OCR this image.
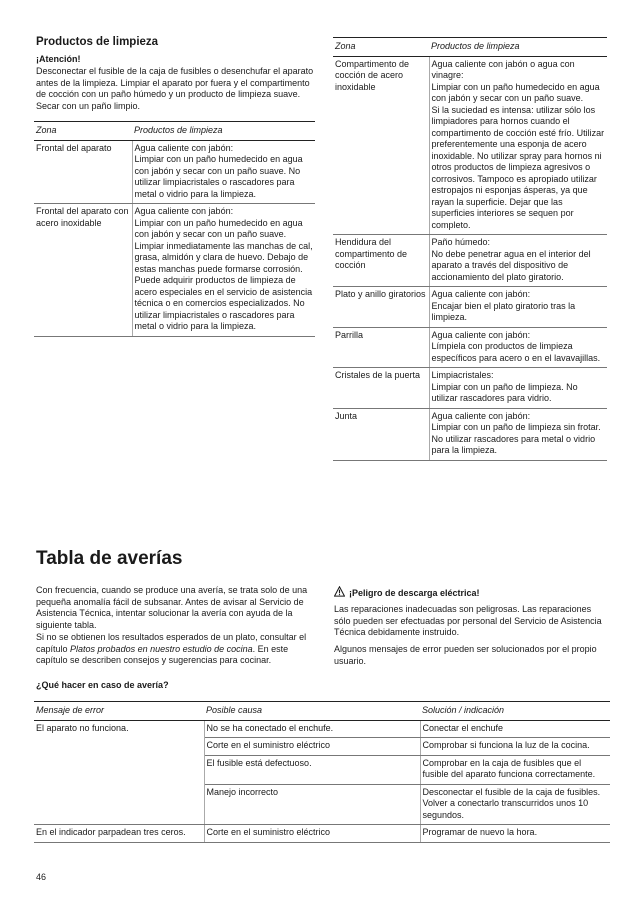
Productos de limpieza
¡Atención!
Desconectar el fusible de la caja de fusibles o desenchufar el aparato antes de la limpieza. Limpiar el aparato por fuera y el compartimento de cocción con un paño húmedo y un producto de limpieza suave. Secar con un paño limpio.
Zona	Productos de limpieza
Frontal del aparato	Agua caliente con jabón:
Limpiar con un paño humedecido en agua con jabón y secar con un paño suave. No utilizar limpiacristales o rascadores para metal o vidrio para la limpieza.
Frontal del aparato con acero inoxidable	Agua caliente con jabón:
Limpiar con un paño humedecido en agua con jabón y secar con un paño suave. Limpiar inmediatamente las manchas de cal, grasa, almidón y clara de huevo. Debajo de estas manchas puede formarse corrosión. Puede adquirir productos de limpieza de acero especiales en el servicio de asistencia técnica o en comercios especializados. No utilizar limpiacristales o rascadores para metal o vidrio para la limpieza.
Zona	Productos de limpieza
Compartimento de cocción de acero inoxidable	Agua caliente con jabón o agua con vinagre:
Limpiar con un paño humedecido en agua con jabón y secar con un paño suave.
Si la suciedad es intensa: utilizar sólo los limpiadores para hornos cuando el compartimento de cocción esté frío. Utilizar preferentemente una esponja de acero inoxidable. No utilizar spray para hornos ni otros productos de limpieza agresivos o corrosivos. Tampoco es apropiado utilizar estropajos ni esponjas ásperas, ya que rayan la superficie. Dejar que las superficies interiores se sequen por completo.
Hendidura del compartimento de cocción	Paño húmedo:
No debe penetrar agua en el interior del aparato a través del dispositivo de accionamiento del plato giratorio.
Plato y anillo giratorios	Agua caliente con jabón:
Encajar bien el plato giratorio tras la limpieza.
Parrilla	Agua caliente con jabón:
Límpiela con productos de limpieza específicos para acero o en el lavavajillas.
Cristales de la puerta	Limpiacristales:
Limpiar con un paño de limpieza. No utilizar rascadores para vidrio.
Junta	Agua caliente con jabón:
Limpiar con un paño de limpieza sin frotar. No utilizar rascadores para metal o vidrio para la limpieza.
Tabla de averías
Con frecuencia, cuando se produce una avería, se trata solo de una pequeña anomalía fácil de subsanar. Antes de avisar al Servicio de Asistencia Técnica, intentar solucionar la avería con ayuda de la siguiente tabla.
Si no se obtienen los resultados esperados de un plato, consultar el capítulo Platos probados en nuestro estudio de cocina. En este capítulo se describen consejos y sugerencias para cocinar.
¿Qué hacer en caso de avería?
¡Peligro de descarga eléctrica!
Las reparaciones inadecuadas son peligrosas. Las reparaciones sólo pueden ser efectuadas por personal del Servicio de Asistencia Técnica debidamente instruido.
Algunos mensajes de error pueden ser solucionados por el propio usuario.
Mensaje de error	Posible causa	Solución / indicación
El aparato no funciona.	No se ha conectado el enchufe.	Conectar el enchufe
	Corte en el suministro eléctrico	Comprobar si funciona la luz de la cocina.
	El fusible está defectuoso.	Comprobar en la caja de fusibles que el fusible del aparato funciona correctamente.
	Manejo incorrecto	Desconectar el fusible de la caja de fusibles. Volver a conectarlo transcurridos unos 10 segundos.
En el indicador parpadean tres ceros.	Corte en el suministro eléctrico	Programar de nuevo la hora.
46
